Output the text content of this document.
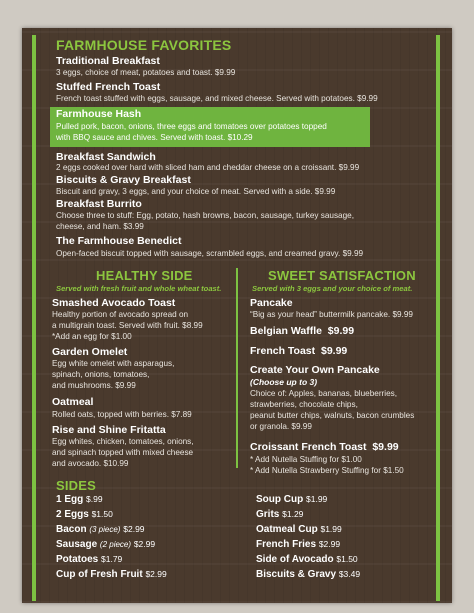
FARMHOUSE FAVORITES
Traditional Breakfast
3 eggs, choice of meat, potatoes and toast. $9.99
Stuffed French Toast
French toast stuffed with eggs, sausage, and mixed cheese. Served with potatoes. $9.99
Farmhouse Hash
Pulled pork, bacon, onions, three eggs and tomatoes over potatoes topped
with BBQ sauce and chives. Served with toast. $10.29
Breakfast Sandwich
2 eggs cooked over hard with sliced ham and cheddar cheese on a croissant. $9.99
Biscuits & Gravy Breakfast
Biscuit and gravy, 3 eggs, and your choice of meat. Served with a side. $9.99
Breakfast Burrito
Choose three to stuff: Egg, potato, hash browns, bacon, sausage, turkey sausage,
cheese, and ham. $3.99
The Farmhouse Benedict
Open-faced biscuit topped with sausage, scrambled eggs, and creamed gravy. $9.99
HEALTHY SIDE
Served with fresh fruit and whole wheat toast.
Smashed Avocado Toast
Healthy portion of avocado spread on
a multigrain toast. Served with fruit. $8.99
*Add an egg for $1.00
Garden Omelet
Egg white omelet with asparagus,
spinach, onions, tomatoes,
and mushrooms. $9.99
Oatmeal
Rolled oats, topped with berries. $7.89
Rise and Shine Fritatta
Egg whites, chicken, tomatoes, onions,
and spinach topped with mixed cheese
and avocado. $10.99
SWEET SATISFACTION
Served with 3 eggs and your choice of meat.
Pancake
“Big as your head” buttermilk pancake. $9.99
Belgian Waffle $9.99
French Toast $9.99
Create Your Own Pancake
(Choose up to 3)
Choice of: Apples, bananas, blueberries,
strawberries, chocolate chips,
peanut butter chips, walnuts, bacon crumbles
or granola. $9.99
Croissant French Toast $9.99
* Add Nutella Stuffing for $1.00
* Add Nutella Strawberry Stuffing for $1.50
SIDES
1 Egg $.99
2 Eggs $1.50
Bacon (3 piece) $2.99
Sausage (2 piece) $2.99
Potatoes $1.79
Cup of Fresh Fruit $2.99
Soup Cup $1.99
Grits $1.29
Oatmeal Cup $1.99
French Fries $2.99
Side of Avocado $1.50
Biscuits & Gravy $3.49
